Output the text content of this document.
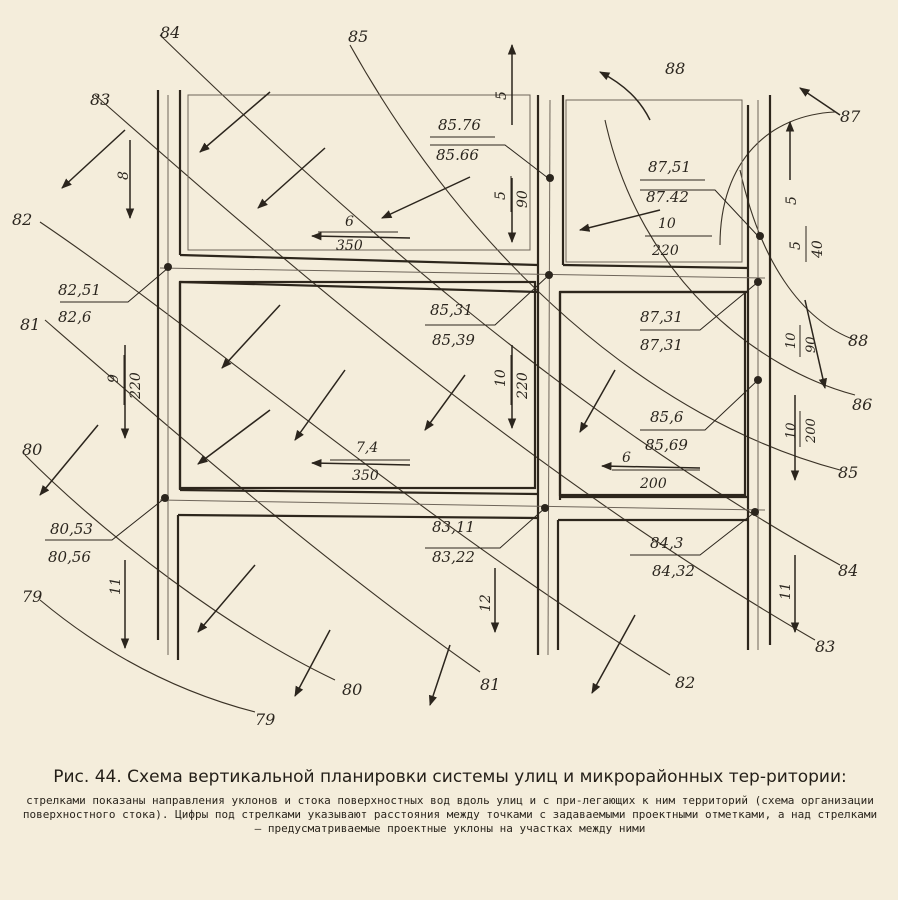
79
79
80	81	82
83
84
85
86
87
88
84	85
83
82
81
80
88
85.76
85.66
87,51
87.42
82,51
82,6	85,31
85,39
87,31
87,31
85,6
85,69
80,53
80,56
83,11
83,22
84,3
84,32
6
350
10
220
7,4
350
9 220	10 220
6
200
5 90
5 40
10 90
10 200
5
8
11
12
11
5

Рис. 44. Схема вертикальной планировки системы улиц и микрорайонных тер-ритории:

стрелками показаны направления уклонов и стока поверхностных вод вдоль улиц и с при-легающих к ним территорий (схема организации поверхностного стока). Цифры под стрелками указывают расстояния между точками с задаваемыми проектными отметками, а над стрелками — предусматриваемые проектные уклоны на участках между ними
